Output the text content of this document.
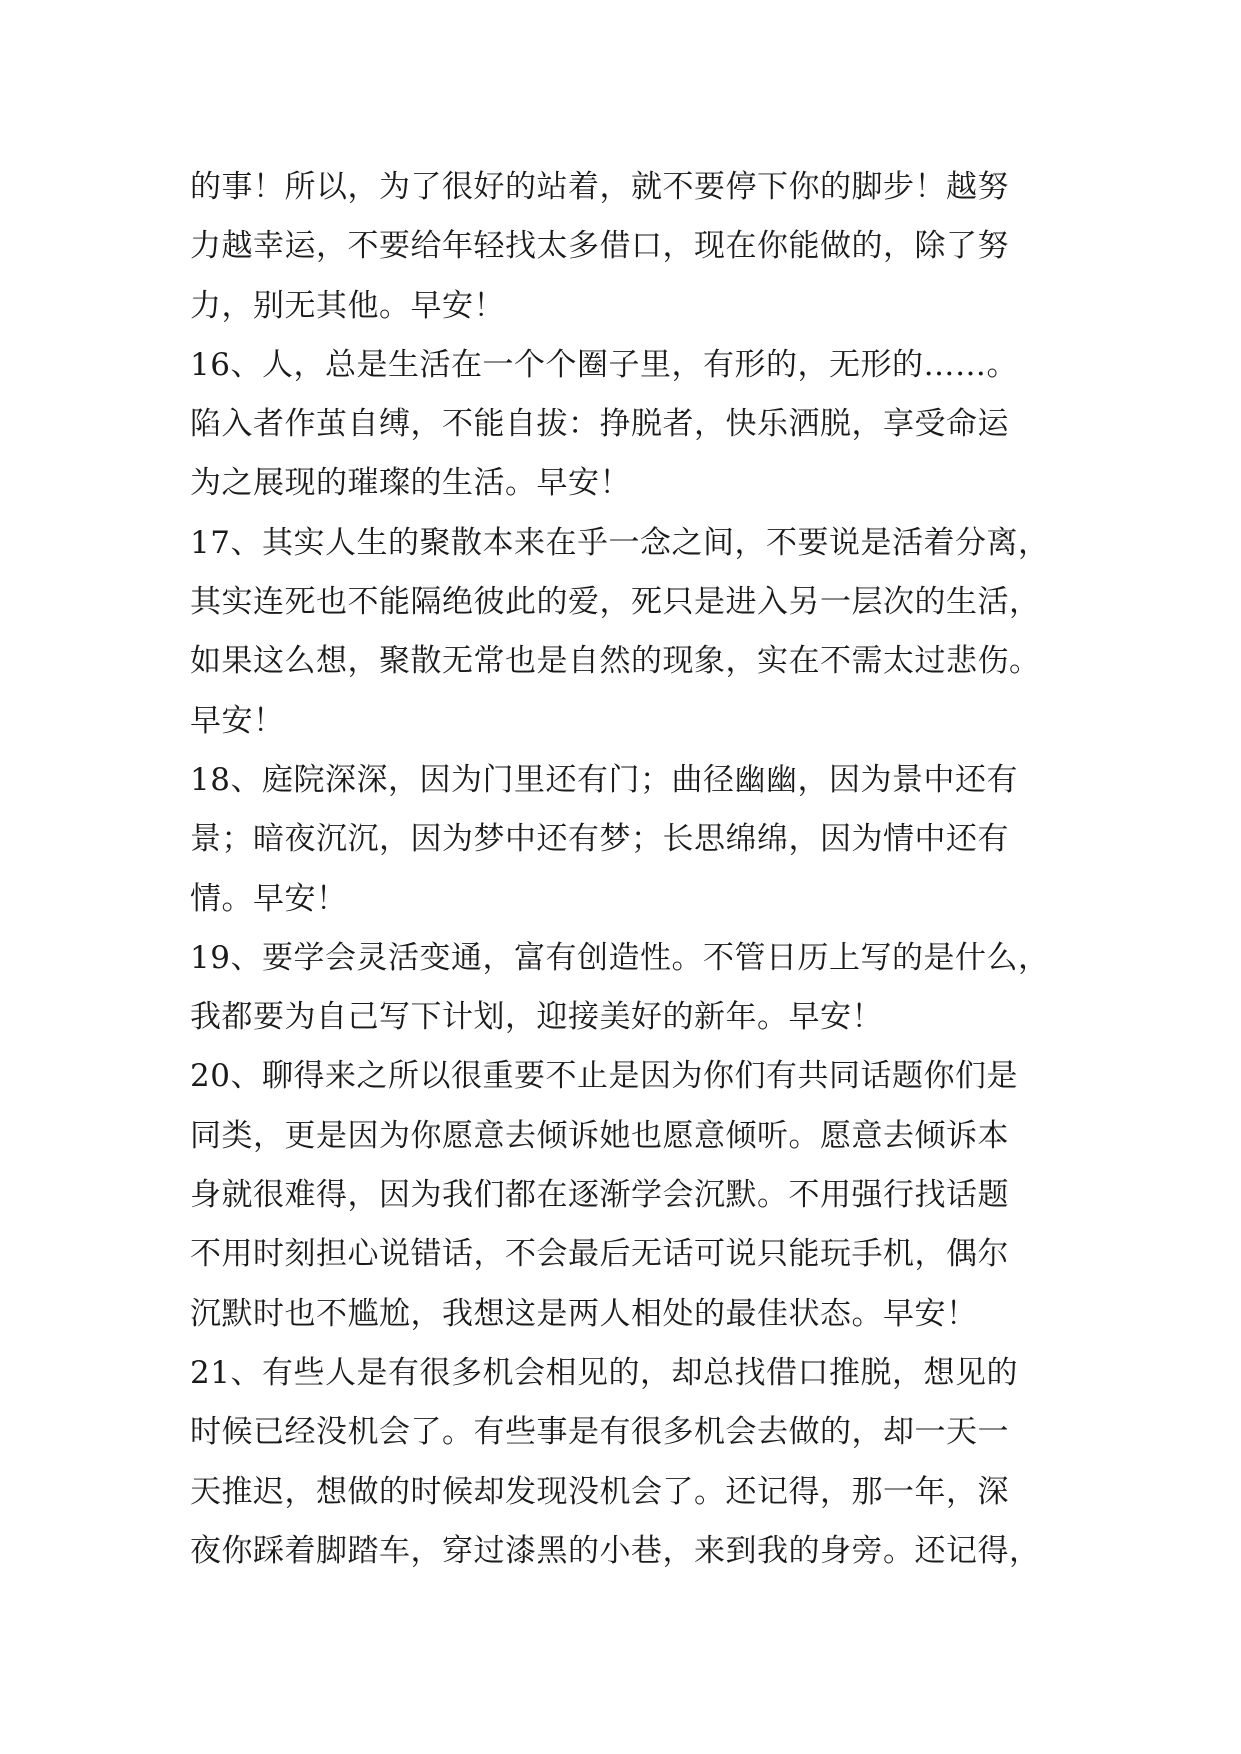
的事！所以，为了很好的站着，就不要停下你的脚步！越努
力越幸运，不要给年轻找太多借口，现在你能做的，除了努
力，别无其他。早安！
16、人，总是生活在一个个圈子里，有形的，无形的……。
陷入者作茧自缚，不能自拔：挣脱者，快乐洒脱，享受命运
为之展现的璀璨的生活。早安！
17、其实人生的聚散本来在乎一念之间，不要说是活着分离，
其实连死也不能隔绝彼此的爱，死只是进入另一层次的生活，
如果这么想，聚散无常也是自然的现象，实在不需太过悲伤。
早安！
18、庭院深深，因为门里还有门；曲径幽幽，因为景中还有
景；暗夜沉沉，因为梦中还有梦；长思绵绵，因为情中还有
情。早安！
19、要学会灵活变通，富有创造性。不管日历上写的是什么，
我都要为自己写下计划，迎接美好的新年。早安！
20、聊得来之所以很重要不止是因为你们有共同话题你们是
同类，更是因为你愿意去倾诉她也愿意倾听。愿意去倾诉本
身就很难得，因为我们都在逐渐学会沉默。不用强行找话题
不用时刻担心说错话，不会最后无话可说只能玩手机，偶尔
沉默时也不尴尬，我想这是两人相处的最佳状态。早安！
21、有些人是有很多机会相见的，却总找借口推脱，想见的
时候已经没机会了。有些事是有很多机会去做的，却一天一
天推迟，想做的时候却发现没机会了。还记得，那一年，深
夜你踩着脚踏车，穿过漆黑的小巷，来到我的身旁。还记得，
